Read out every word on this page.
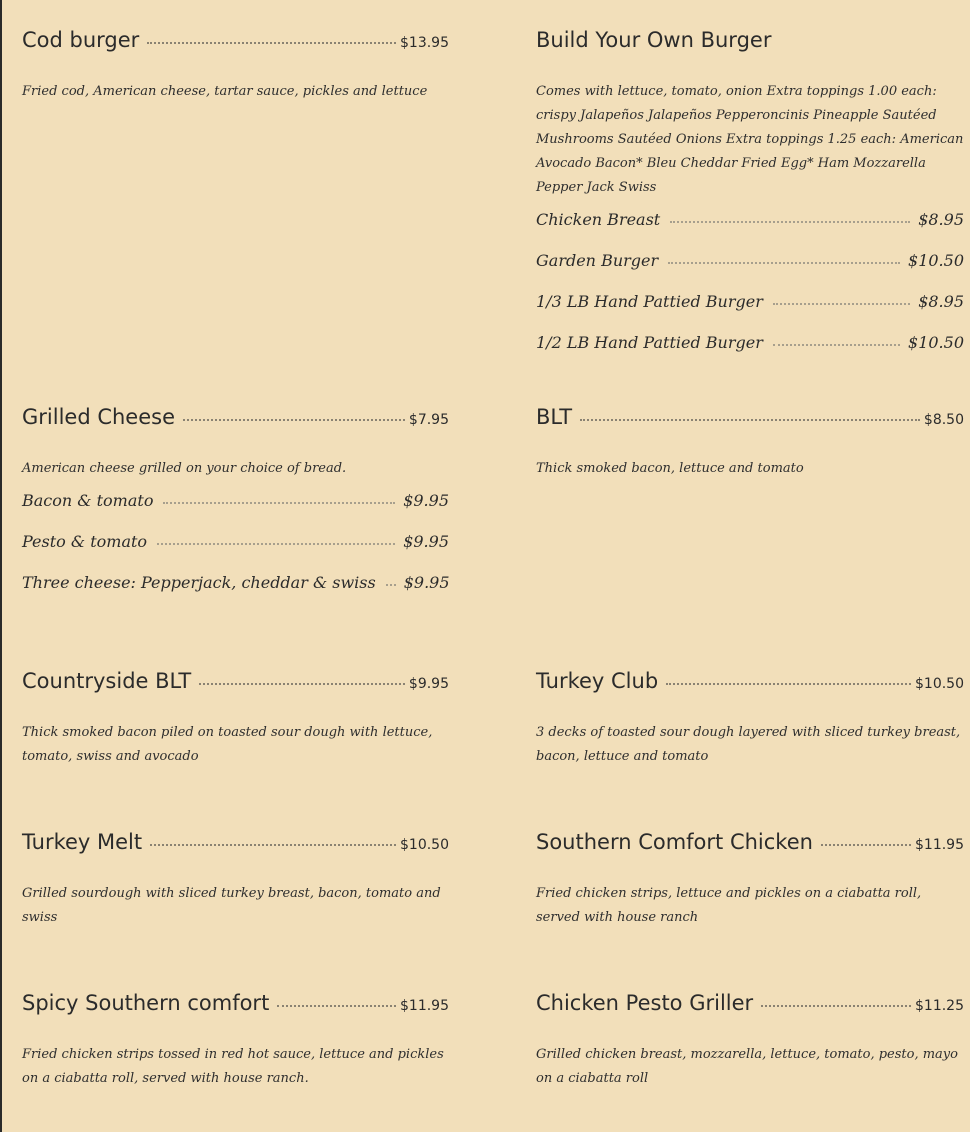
Cod burger	$13.95
Fried cod, American cheese, tartar sauce, pickles and lettuce
Build Your Own Burger
Comes with lettuce, tomato, onion Extra toppings 1.00 each: crispy Jalapeños Jalapeños Pepperoncinis Pineapple Sautéed Mushrooms Sautéed Onions Extra toppings 1.25 each: American Avocado Bacon* Bleu Cheddar Fried Egg* Ham Mozzarella Pepper Jack Swiss
Chicken Breast	$8.95
Garden Burger	$10.50
1/3 LB Hand Pattied Burger	$8.95
1/2 LB Hand Pattied Burger	$10.50
Grilled Cheese	$7.95
American cheese grilled on your choice of bread.
Bacon & tomato	$9.95
Pesto & tomato	$9.95
Three cheese: Pepperjack, cheddar & swiss $9.95
BLT	$8.50
Thick smoked bacon, lettuce and tomato
Countryside BLT	$9.95
Thick smoked bacon piled on toasted sour dough with lettuce, tomato, swiss and avocado
Turkey Club	$10.50
3 decks of toasted sour dough layered with sliced turkey breast, bacon, lettuce and tomato
Turkey Melt	$10.50
Grilled sourdough with sliced turkey breast, bacon, tomato and swiss
Southern Comfort Chicken	$11.95
Fried chicken strips, lettuce and pickles on a ciabatta roll, served with house ranch
Spicy Southern comfort	$11.95
Fried chicken strips tossed in red hot sauce, lettuce and pickles on a ciabatta roll, served with house ranch.
Chicken Pesto Griller	$11.25
Grilled chicken breast, mozzarella, lettuce, tomato, pesto, mayo on a ciabatta roll
